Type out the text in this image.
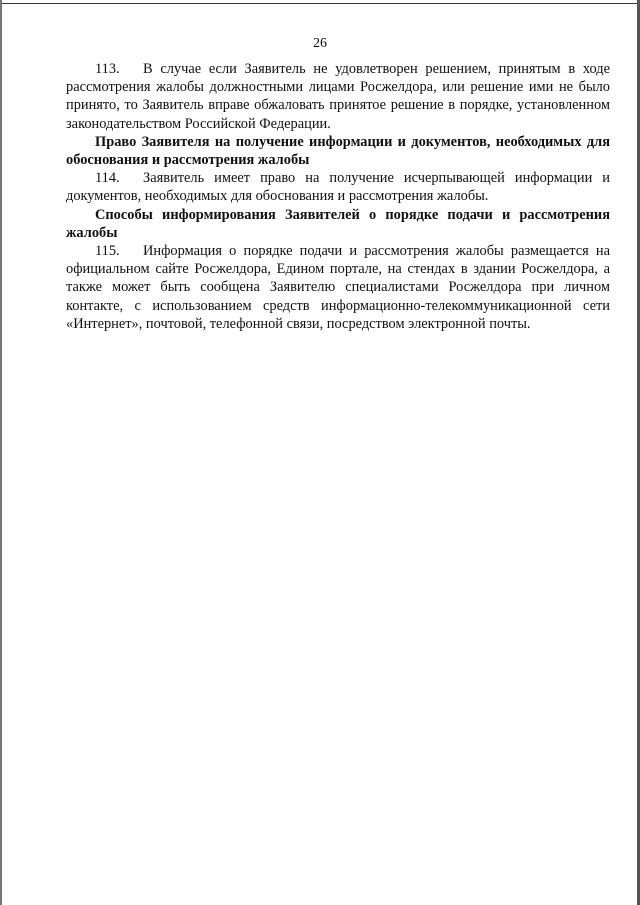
26

113. В случае если Заявитель не удовлетворен решением, принятым в ходе рассмотрения жалобы должностными лицами Росжелдора, или решение ими не было принято, то Заявитель вправе обжаловать принятое решение в порядке, установленном законодательством Российской Федерации.

Право Заявителя на получение информации и документов, необходимых для обоснования и рассмотрения жалобы

114. Заявитель имеет право на получение исчерпывающей информации и документов, необходимых для обоснования и рассмотрения жалобы.

Способы информирования Заявителей о порядке подачи и рассмотрения жалобы

115. Информация о порядке подачи и рассмотрения жалобы размещается на официальном сайте Росжелдора, Едином портале, на стендах в здании Росжелдора, а также может быть сообщена Заявителю специалистами Росжелдора при личном контакте, с использованием средств информационно-телекоммуникационной сети «Интернет», почтовой, телефонной связи, посредством электронной почты.
